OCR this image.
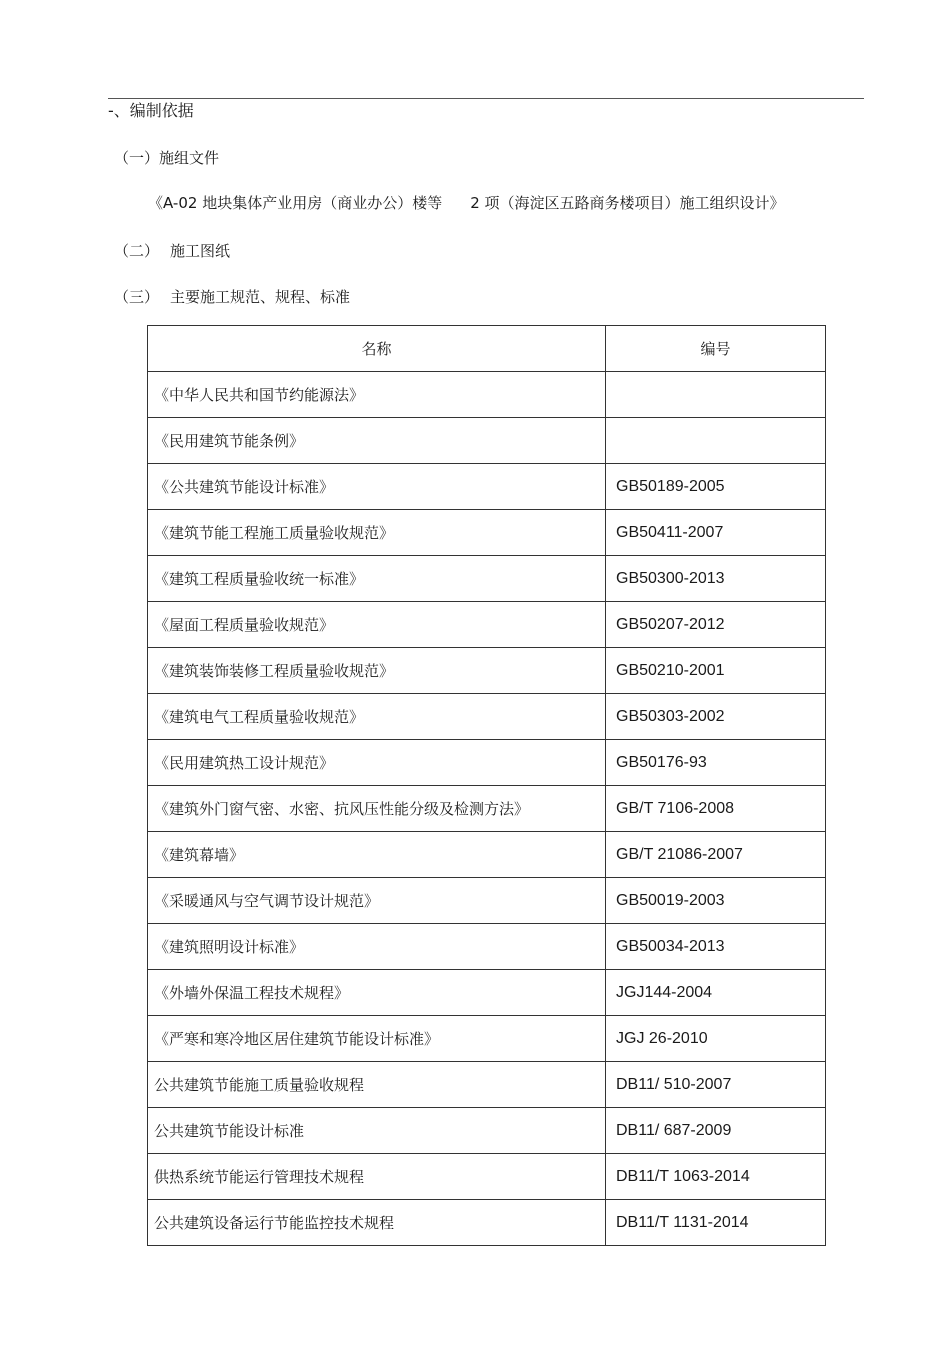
-、编制依据
（一）施组文件
《A-02 地块集体产业用房（商业办公）楼等 2 项（海淀区五路商务楼项目）施工组织设计》
（二） 施工图纸
（三） 主要施工规范、规程、标准
名称	编号
《中华人民共和国节约能源法》	
《民用建筑节能条例》	
《公共建筑节能设计标准》	GB50189-2005
《建筑节能工程施工质量验收规范》	GB50411-2007
《建筑工程质量验收统一标准》	GB50300-2013
《屋面工程质量验收规范》	GB50207-2012
《建筑装饰装修工程质量验收规范》	GB50210-2001
《建筑电气工程质量验收规范》	GB50303-2002
《民用建筑热工设计规范》	GB50176-93
《建筑外门窗气密、水密、抗风压性能分级及检测方法》	GB/T 7106-2008
《建筑幕墙》	GB/T 21086-2007
《采暖通风与空气调节设计规范》	GB50019-2003
《建筑照明设计标准》	GB50034-2013
《外墙外保温工程技术规程》	JGJ144-2004
《严寒和寒冷地区居住建筑节能设计标准》	JGJ 26-2010
公共建筑节能施工质量验收规程	DB11/ 510-2007
公共建筑节能设计标准	DB11/ 687-2009
供热系统节能运行管理技术规程	DB11/T 1063-2014
公共建筑设备运行节能监控技术规程	DB11/T 1131-2014
